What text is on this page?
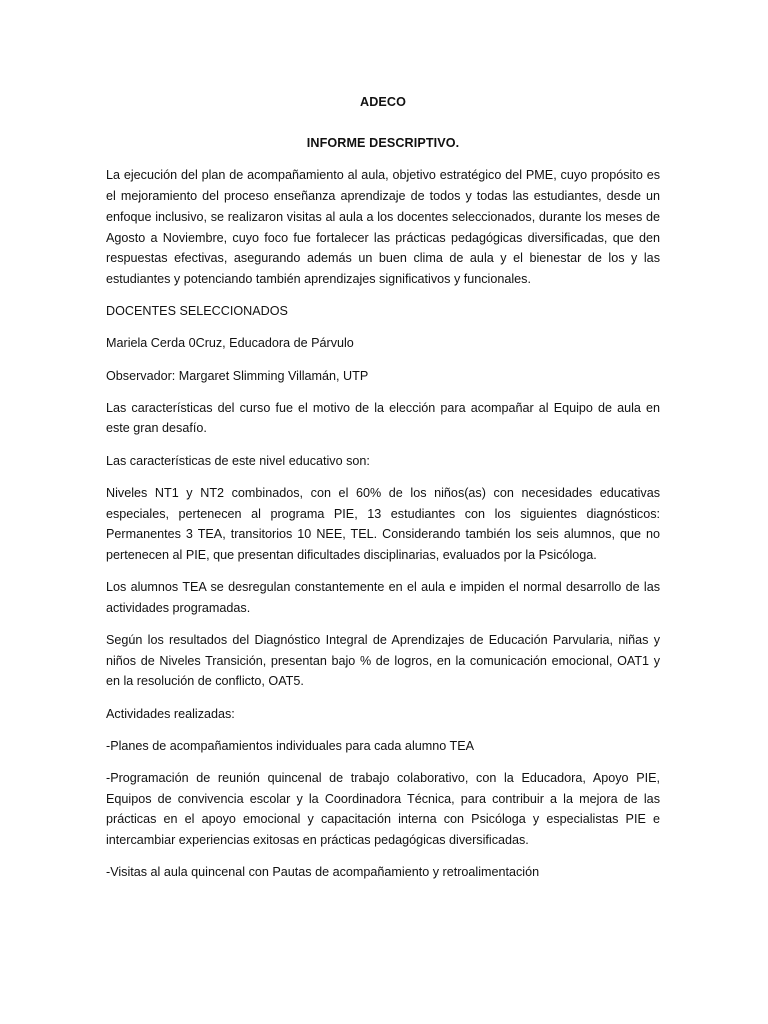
ADECO
INFORME DESCRIPTIVO.

La ejecución del plan de acompañamiento al aula, objetivo estratégico del PME, cuyo propósito es el mejoramiento del proceso enseñanza aprendizaje de todos y todas las estudiantes, desde un enfoque inclusivo, se realizaron visitas al aula a los docentes seleccionados, durante los meses de Agosto a Noviembre, cuyo foco fue fortalecer las prácticas pedagógicas diversificadas, que den respuestas efectivas, asegurando además un buen clima de aula y el bienestar de los y las estudiantes y potenciando también aprendizajes significativos y funcionales.

DOCENTES SELECCIONADOS

Mariela Cerda 0Cruz, Educadora de Párvulo

Observador: Margaret Slimming Villamán, UTP

Las características del curso fue el motivo de la elección para acompañar al Equipo de aula en este gran desafío.

Las características de este nivel educativo son:

Niveles NT1 y NT2 combinados, con el 60% de los niños(as) con necesidades educativas especiales, pertenecen al programa PIE, 13 estudiantes con los siguientes diagnósticos: Permanentes 3 TEA, transitorios 10 NEE, TEL. Considerando también los seis alumnos, que no pertenecen al PIE, que presentan dificultades disciplinarias, evaluados por la Psicóloga.

Los alumnos TEA se desregulan constantemente en el aula e impiden el normal desarrollo de las actividades programadas.

Según los resultados del Diagnóstico Integral de Aprendizajes de Educación Parvularia, niñas y niños de Niveles Transición, presentan bajo % de logros, en la comunicación emocional, OAT1 y en la resolución de conflicto, OAT5.

Actividades realizadas:

-Planes de acompañamientos individuales para cada alumno TEA

-Programación de reunión quincenal de trabajo colaborativo, con la Educadora, Apoyo PIE, Equipos de convivencia escolar y la Coordinadora Técnica, para contribuir a la mejora de las prácticas en el apoyo emocional y capacitación interna con Psicóloga y especialistas PIE e intercambiar experiencias exitosas en prácticas pedagógicas diversificadas.

-Visitas al aula quincenal con Pautas de acompañamiento y retroalimentación
